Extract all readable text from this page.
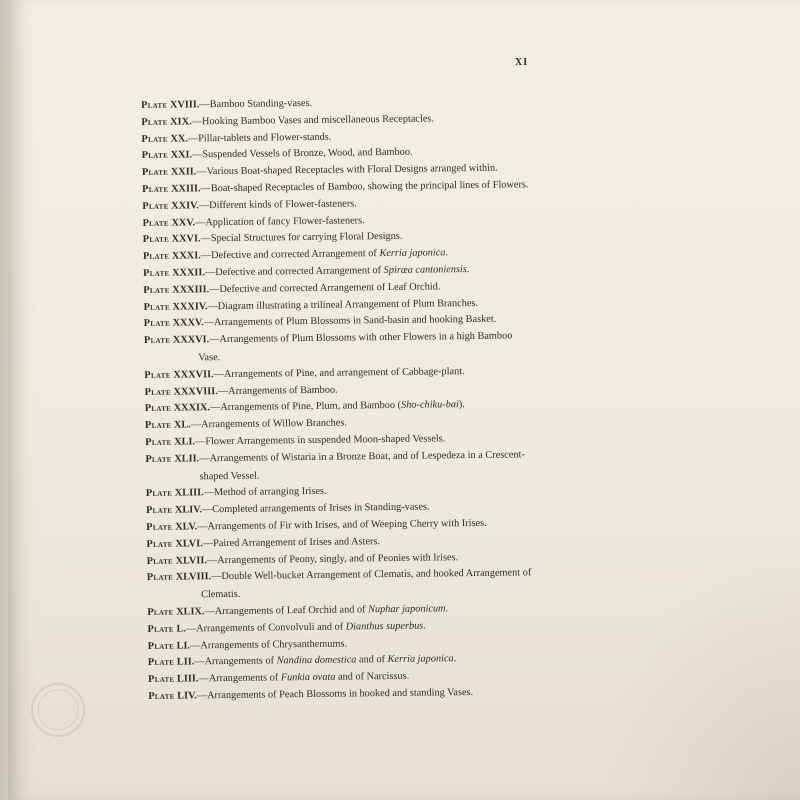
XI
Plate XVIII.—Bamboo Standing-vases.
Plate XIX.—Hooking Bamboo Vases and miscellaneous Receptacles.
Plate XX.—Pillar-tablets and Flower-stands.
Plate XXI.—Suspended Vessels of Bronze, Wood, and Bamboo.
Plate XXII.—Various Boat-shaped Receptacles with Floral Designs arranged within.
Plate XXIII.—Boat-shaped Receptacles of Bamboo, showing the principal lines of Flowers.
Plate XXIV.—Different kinds of Flower-fasteners.
Plate XXV.—Application of fancy Flower-fasteners.
Plate XXVI.—Special Structures for carrying Floral Designs.
Plate XXXI.—Defective and corrected Arrangement of Kerria japonica.
Plate XXXII.—Defective and corrected Arrangement of Spiræa cantoniensis.
Plate XXXIII.—Defective and corrected Arrangement of Leaf Orchid.
Plate XXXIV.—Diagram illustrating a trilineal Arrangement of Plum Branches.
Plate XXXV.—Arrangements of Plum Blossoms in Sand-basin and hooking Basket.
Plate XXXVI.—Arrangements of Plum Blossoms with other Flowers in a high Bamboo
Vase.
Plate XXXVII.—Arrangements of Pine, and arrangement of Cabbage-plant.
Plate XXXVIII.—Arrangements of Bamboo.
Plate XXXIX.—Arrangements of Pine, Plum, and Bamboo (Sho-chiku-bai).
Plate XL.—Arrangements of Willow Branches.
Plate XLI.—Flower Arrangements in suspended Moon-shaped Vessels.
Plate XLII.—Arrangements of Wistaria in a Bronze Boat, and of Lespedeza in a Crescent-
shaped Vessel.
Plate XLIII.—Method of arranging Irises.
Plate XLIV.—Completed arrangements of Irises in Standing-vases.
Plate XLV.—Arrangements of Fir with Irises, and of Weeping Cherry with Irises.
Plate XLVI.—Paired Arrangement of Irises and Asters.
Plate XLVII.—Arrangements of Peony, singly, and of Peonies with Irises.
Plate XLVIII.—Double Well-bucket Arrangement of Clematis, and hooked Arrangement of
Clematis.
Plate XLIX.—Arrangements of Leaf Orchid and of Nuphar japonicum.
Plate L.—Arrangements of Convolvuli and of Dianthus superbus.
Plate LI.—Arrangements of Chrysanthemums.
Plate LII.—Arrangements of Nandina domestica and of Kerria japonica.
Plate LIII.—Arrangements of Funkia ovata and of Narcissus.
Plate LIV.—Arrangements of Peach Blossoms in hooked and standing Vases.
